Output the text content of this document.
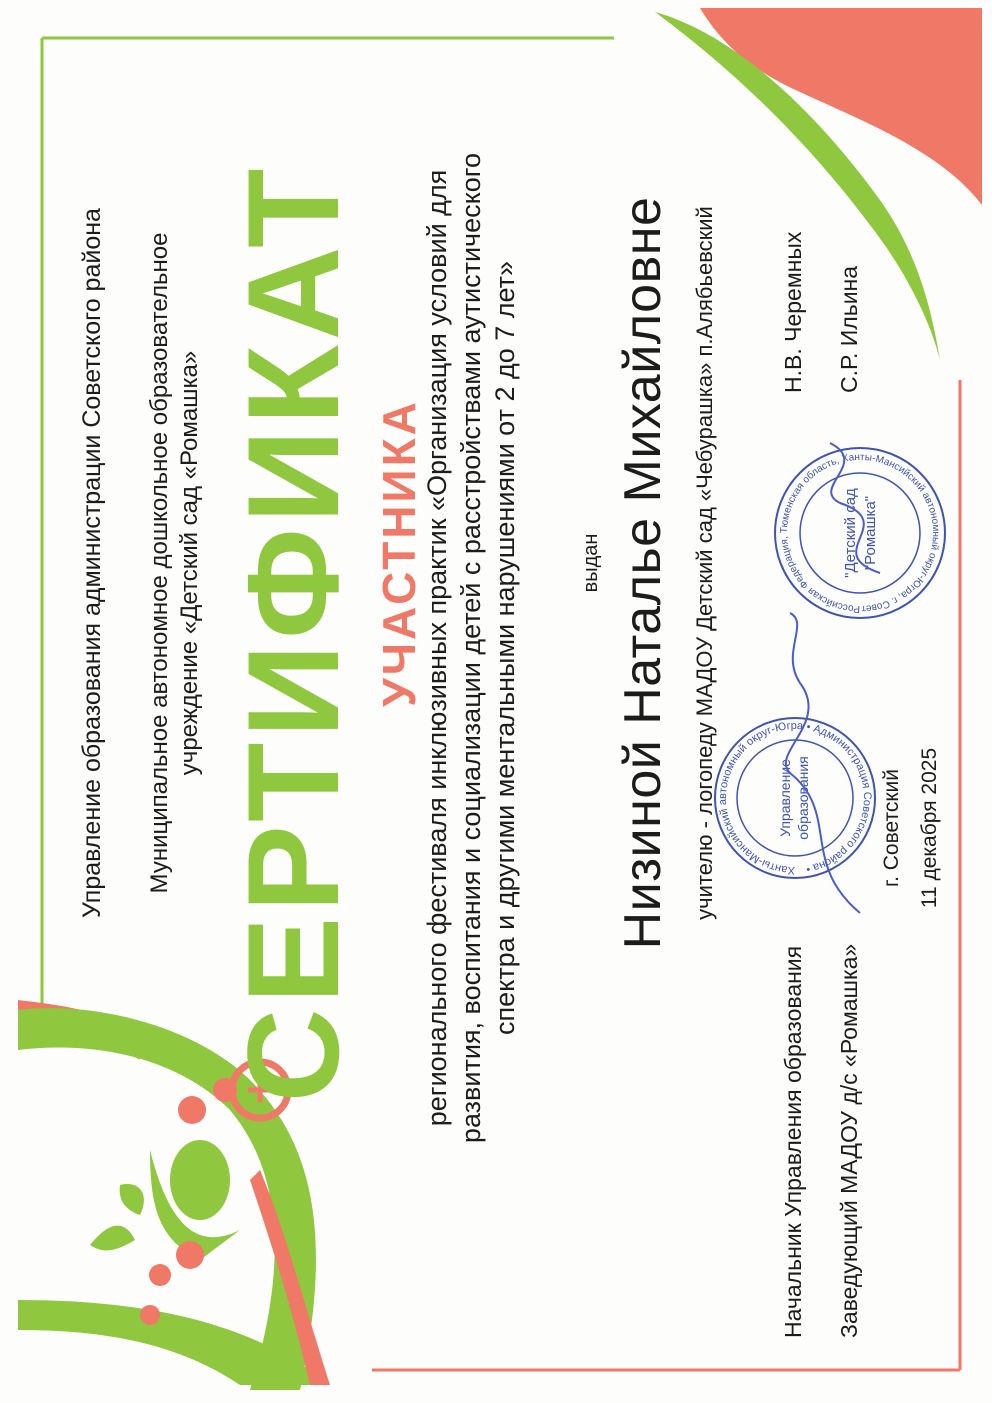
Управление образования администрации Советского района Муниципальное автономное дошкольное образовательное учреждение «Детский сад «Ромашка» СЕРТИФИКАТ УЧАСТНИКА
регионального фестиваля инклюзивных практик «Организация условий для развития, воспитания и социализации детей с расстройствами аутистического спектра и другими ментальными нарушениями от 2 до 7 лет»	выдан Низиной Наталье Михайловне учителю - логопеду МАДОУ Детский сад «Чебурашка» п.Алябьевский
Начальник Управления образования
Н.В. Черемных
Заведующий МАДОУ д/с «Ромашка»
С.Р. Ильина
г. Советский 11 декабря 2025
Ханты-Мансийский автономный округ-Югра • Администрация Советского района •
Управление образования
Российская Федерация, Тюменская область, Ханты-Мансийский автономный округ-Югра, г. Совет
"Детский сад "Ромашка"
